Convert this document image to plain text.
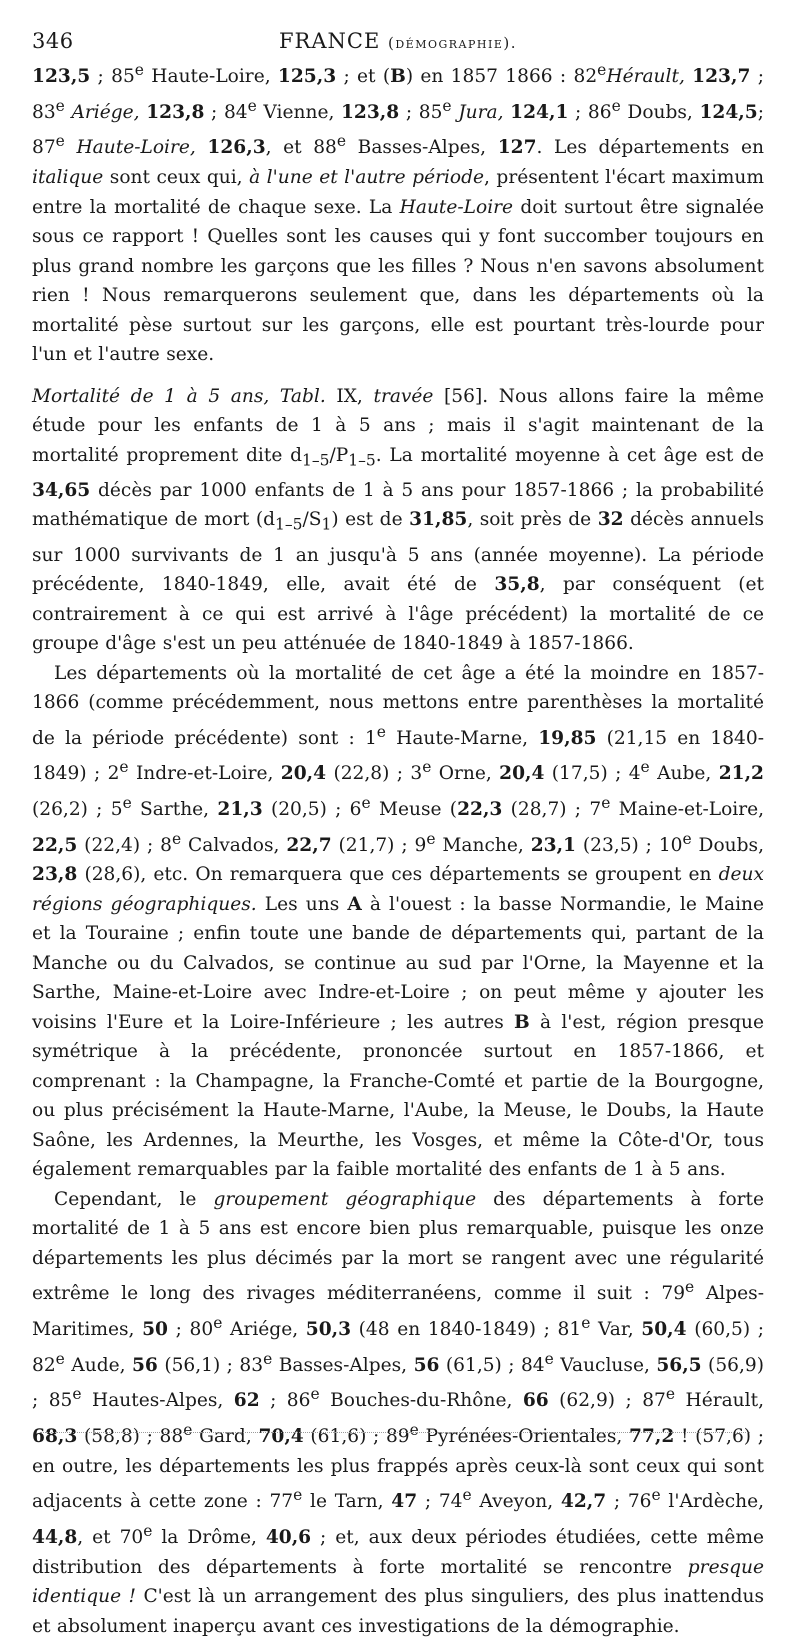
346	FRANCE (démographie).

123,5 ; 85e Haute-Loire, 125,3 ; et (B) en 1857 1866 : 82eHérault, 123,7 ; 83e Ariége, 123,8 ; 84e Vienne, 123,8 ; 85e Jura, 124,1 ; 86e Doubs, 124,5; 87e Haute-Loire, 126,3, et 88e Basses-Alpes, 127. Les départements en italique sont ceux qui, à l'une et l'autre période, présentent l'écart maximum entre la mortalité de chaque sexe. La Haute-Loire doit surtout être signalée sous ce rapport ! Quelles sont les causes qui y font succomber toujours en plus grand nombre les garçons que les filles ? Nous n'en savons absolument rien ! Nous remarquerons seulement que, dans les départements où la mortalité pèse surtout sur les garçons, elle est pourtant très-lourde pour l'un et l'autre sexe.

Mortalité de 1 à 5 ans, Tabl. IX, travée [56]. Nous allons faire la même étude pour les enfants de 1 à 5 ans ; mais il s'agit maintenant de la mortalité proprement dite $d_{1-5}/P_{1-5}$. La mortalité moyenne à cet âge est de 34,65 décès par 1000 enfants de 1 à 5 ans pour 1857-1866 ; la probabilité mathématique de mort $(d_{1-5}/S_1)$ est de 31,85, soit près de 32 décès annuels sur 1000 survivants de 1 an jusqu'à 5 ans (année moyenne). La période précédente, 1840-1849, elle, avait été de 35,8, par conséquent (et contrairement à ce qui est arrivé à l'âge précédent) la mortalité de ce groupe d'âge s'est un peu atténuée de 1840-1849 à 1857-1866.

Les départements où la mortalité de cet âge a été la moindre en 1857-1866 (comme précédemment, nous mettons entre parenthèses la mortalité de la période précédente) sont : 1e Haute-Marne, 19,85 (21,15 en 1840-1849) ; 2e Indre-et-Loire, 20,4 (22,8) ; 3e Orne, 20,4 (17,5) ; 4e Aube, 21,2 (26,2) ; 5e Sarthe, 21,3 (20,5) ; 6e Meuse (22,3 (28,7) ; 7e Maine-et-Loire, 22,5 (22,4) ; 8e Calvados, 22,7 (21,7) ; 9e Manche, 23,1 (23,5) ; 10e Doubs, 23,8 (28,6), etc. On remarquera que ces départements se groupent en deux régions géographiques. Les uns A à l'ouest : la basse Normandie, le Maine et la Touraine ; enfin toute une bande de départements qui, partant de la Manche ou du Calvados, se continue au sud par l'Orne, la Mayenne et la Sarthe, Maine-et-Loire avec Indre-et-Loire ; on peut même y ajouter les voisins l'Eure et la Loire-Inférieure ; les autres B à l'est, région presque symétrique à la précédente, prononcée surtout en 1857-1866, et comprenant : la Champagne, la Franche-Comté et partie de la Bourgogne, ou plus précisément la Haute-Marne, l'Aube, la Meuse, le Doubs, la Haute Saône, les Ardennes, la Meurthe, les Vosges, et même la Côte-d'Or, tous également remarquables par la faible mortalité des enfants de 1 à 5 ans.

Cependant, le groupement géographique des départements à forte mortalité de 1 à 5 ans est encore bien plus remarquable, puisque les onze départements les plus décimés par la mort se rangent avec une régularité extrême le long des rivages méditerranéens, comme il suit : 79e Alpes-Maritimes, 50 ; 80e Ariége, 50,3 (48 en 1840-1849) ; 81e Var, 50,4 (60,5) ; 82e Aude, 56 (56,1) ; 83e Basses-Alpes, 56 (61,5) ; 84e Vaucluse, 56,5 (56,9) ; 85e Hautes-Alpes, 62 ; 86e Bouches-du-Rhône, 66 (62,9) ; 87e Hérault, 68,3 (58,8) ; 88e Gard, 70,4 (61,6) ; 89e Pyrénées-Orientales, 77,2 ! (57,6) ; en outre, les départements les plus frappés après ceux-là sont ceux qui sont adjacents à cette zone : 77e le Tarn, 47 ; 74e Aveyon, 42,7 ; 76e l'Ardèche, 44,8, et 70e la Drôme, 40,6 ; et, aux deux périodes étudiées, cette même distribution des départements à forte mortalité se rencontre presque identique ! C'est là un arrangement des plus singuliers, des plus inattendus et absolument inaperçu avant ces investigations de la démographie.
